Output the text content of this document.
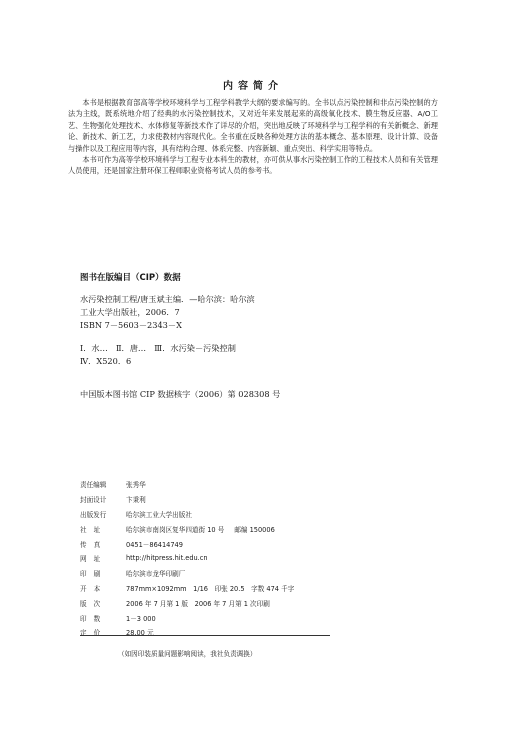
内容简介

本书是根据教育部高等学校环境科学与工程学科教学大纲的要求编写的。全书以点污染控制和非点污染控制的方法为主线，既系统地介绍了经典的水污染控制技术，又对近年来发展起来的高级氧化技术、膜生物反应器、A/O工艺、生物强化处理技术、水体修复等新技术作了详尽的介绍，突出地反映了环境科学与工程学科的有关新概念、新理论、新技术、新工艺，力求使教材内容现代化。全书重在反映各种处理方法的基本概念、基本原理、设计计算、设备与操作以及工程应用等内容，具有结构合理、体系完整、内容新颖、重点突出、科学实用等特点。

本书可作为高等学校环境科学与工程专业本科生的教材，亦可供从事水污染控制工作的工程技术人员和有关管理人员使用，还是国家注册环保工程师职业资格考试人员的参考书。

图书在版编目（CIP）数据
水污染控制工程/唐玉斌主编．—哈尔滨：哈尔滨
工业大学出版社，2006．7
ISBN 7－5603－2343－X
Ⅰ．水…　Ⅱ．唐…　Ⅲ．水污染－污染控制
Ⅳ．X520．6
中国版本图书馆 CIP 数据核字（2006）第 028308 号
责任编辑	张秀华
封面设计	卞秉利
出版发行	哈尔滨工业大学出版社
社址	哈尔滨市南岗区复华四道街 10 号 邮编 150006
传真	0451－86414749
网址	http://hitpress.hit.edu.cn
印刷	哈尔滨市龙华印刷厂
开本	787mm×1092mm　1/16　印张 20.5　字数 474 千字
版次	2006 年 7 月第 1 版　2006 年 7 月第 1 次印刷
印数	1－3 000
定价	28.00 元
（如因印装质量问题影响阅读，我社负责调换）
